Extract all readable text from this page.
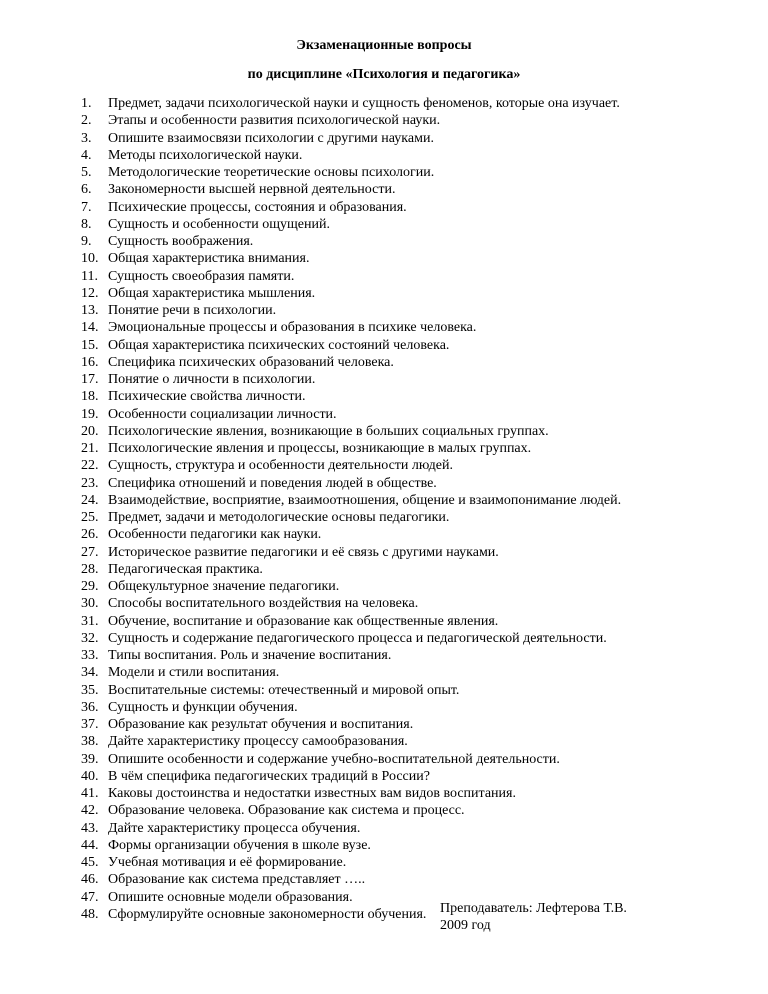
Экзаменационные вопросы
по дисциплине «Психология и педагогика»
1.	Предмет, задачи психологической науки и сущность феноменов, которые она изучает.
2.	Этапы и особенности развития психологической науки.
3.	Опишите взаимосвязи психологии с другими науками.
4.	Методы психологической науки.
5.	Методологические теоретические основы психологии.
6.	Закономерности высшей нервной деятельности.
7.	Психические процессы, состояния и образования.
8.	Сущность и особенности ощущений.
9.	Сущность воображения.
10. Общая характеристика внимания.
11. Сущность своеобразия памяти.
12. Общая характеристика мышления.
13. Понятие речи в психологии.
14. Эмоциональные процессы и образования в психике человека.
15. Общая характеристика психических состояний человека.
16. Специфика психических образований человека.
17. Понятие о личности в психологии.
18. Психические свойства личности.
19. Особенности социализации личности.
20. Психологические явления, возникающие в больших социальных группах.
21. Психологические явления и процессы, возникающие в малых группах.
22. Сущность, структура и особенности деятельности людей.
23. Специфика отношений и поведения людей в обществе.
24. Взаимодействие, восприятие, взаимоотношения, общение и взаимопонимание людей.
25. Предмет, задачи и методологические основы педагогики.
26. Особенности педагогики как науки.
27. Историческое развитие педагогики и её связь с другими науками.
28. Педагогическая практика.
29. Общекультурное значение педагогики.
30. Способы воспитательного воздействия на человека.
31. Обучение, воспитание и образование как общественные явления.
32. Сущность и содержание педагогического процесса и педагогической деятельности.
33. Типы воспитания. Роль и значение воспитания.
34. Модели и стили воспитания.
35. Воспитательные системы: отечественный и мировой опыт.
36. Сущность и функции обучения.
37. Образование как результат обучения и воспитания.
38. Дайте характеристику процессу самообразования.
39. Опишите особенности и содержание учебно-воспитательной деятельности.
40. В чём специфика педагогических традиций в России?
41. Каковы достоинства и недостатки известных вам видов воспитания.
42. Образование человека. Образование как система и процесс.
43. Дайте характеристику процесса обучения.
44. Формы организации обучения в школе вузе.
45. Учебная мотивация и её формирование.
46. Образование как система представляет …..
47. Опишите основные модели образования.
48. Сформулируйте основные закономерности обучения. Преподаватель: Лефтерова Т.В.
2009 год
